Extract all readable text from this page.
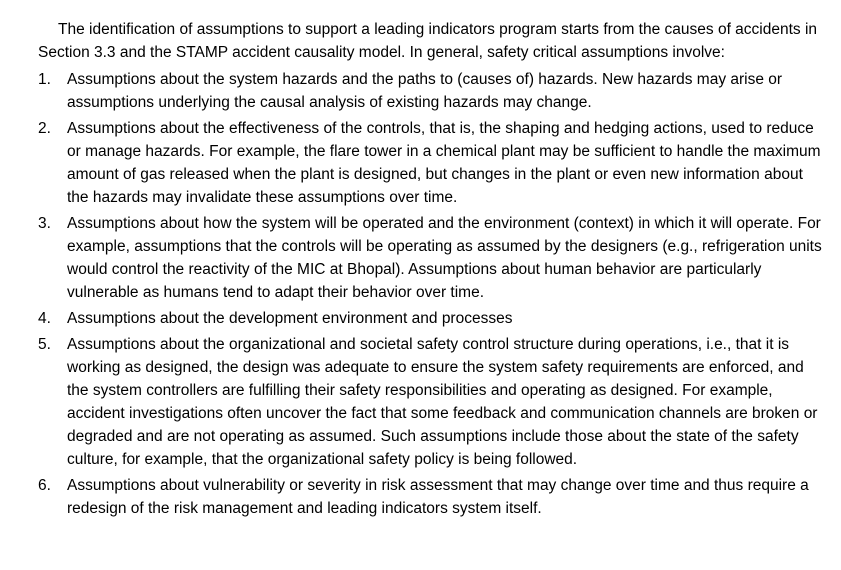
The identification of assumptions to support a leading indicators program starts from the causes of accidents in Section 3.3 and the STAMP accident causality model. In general, safety critical assumptions involve:

1.	Assumptions about the system hazards and the paths to (causes of) hazards. New hazards may arise or assumptions underlying the causal analysis of existing hazards may change.
2.	Assumptions about the effectiveness of the controls, that is, the shaping and hedging actions, used to reduce or manage hazards. For example, the flare tower in a chemical plant may be sufficient to handle the maximum amount of gas released when the plant is designed, but changes in the plant or even new information about the hazards may invalidate these assumptions over time.
3.	Assumptions about how the system will be operated and the environment (context) in which it will operate. For example, assumptions that the controls will be operating as assumed by the designers (e.g., refrigeration units would control the reactivity of the MIC at Bhopal). Assumptions about human behavior are particularly vulnerable as humans tend to adapt their behavior over time.
4.	Assumptions about the development environment and processes
5.	Assumptions about the organizational and societal safety control structure during operations, i.e., that it is working as designed, the design was adequate to ensure the system safety requirements are enforced, and the system controllers are fulfilling their safety responsibilities and operating as designed. For example, accident investigations often uncover the fact that some feedback and communication channels are broken or degraded and are not operating as assumed. Such assumptions include those about the state of the safety culture, for example, that the organizational safety policy is being followed.
6.	Assumptions about vulnerability or severity in risk assessment that may change over time and thus require a redesign of the risk management and leading indicators system itself.
